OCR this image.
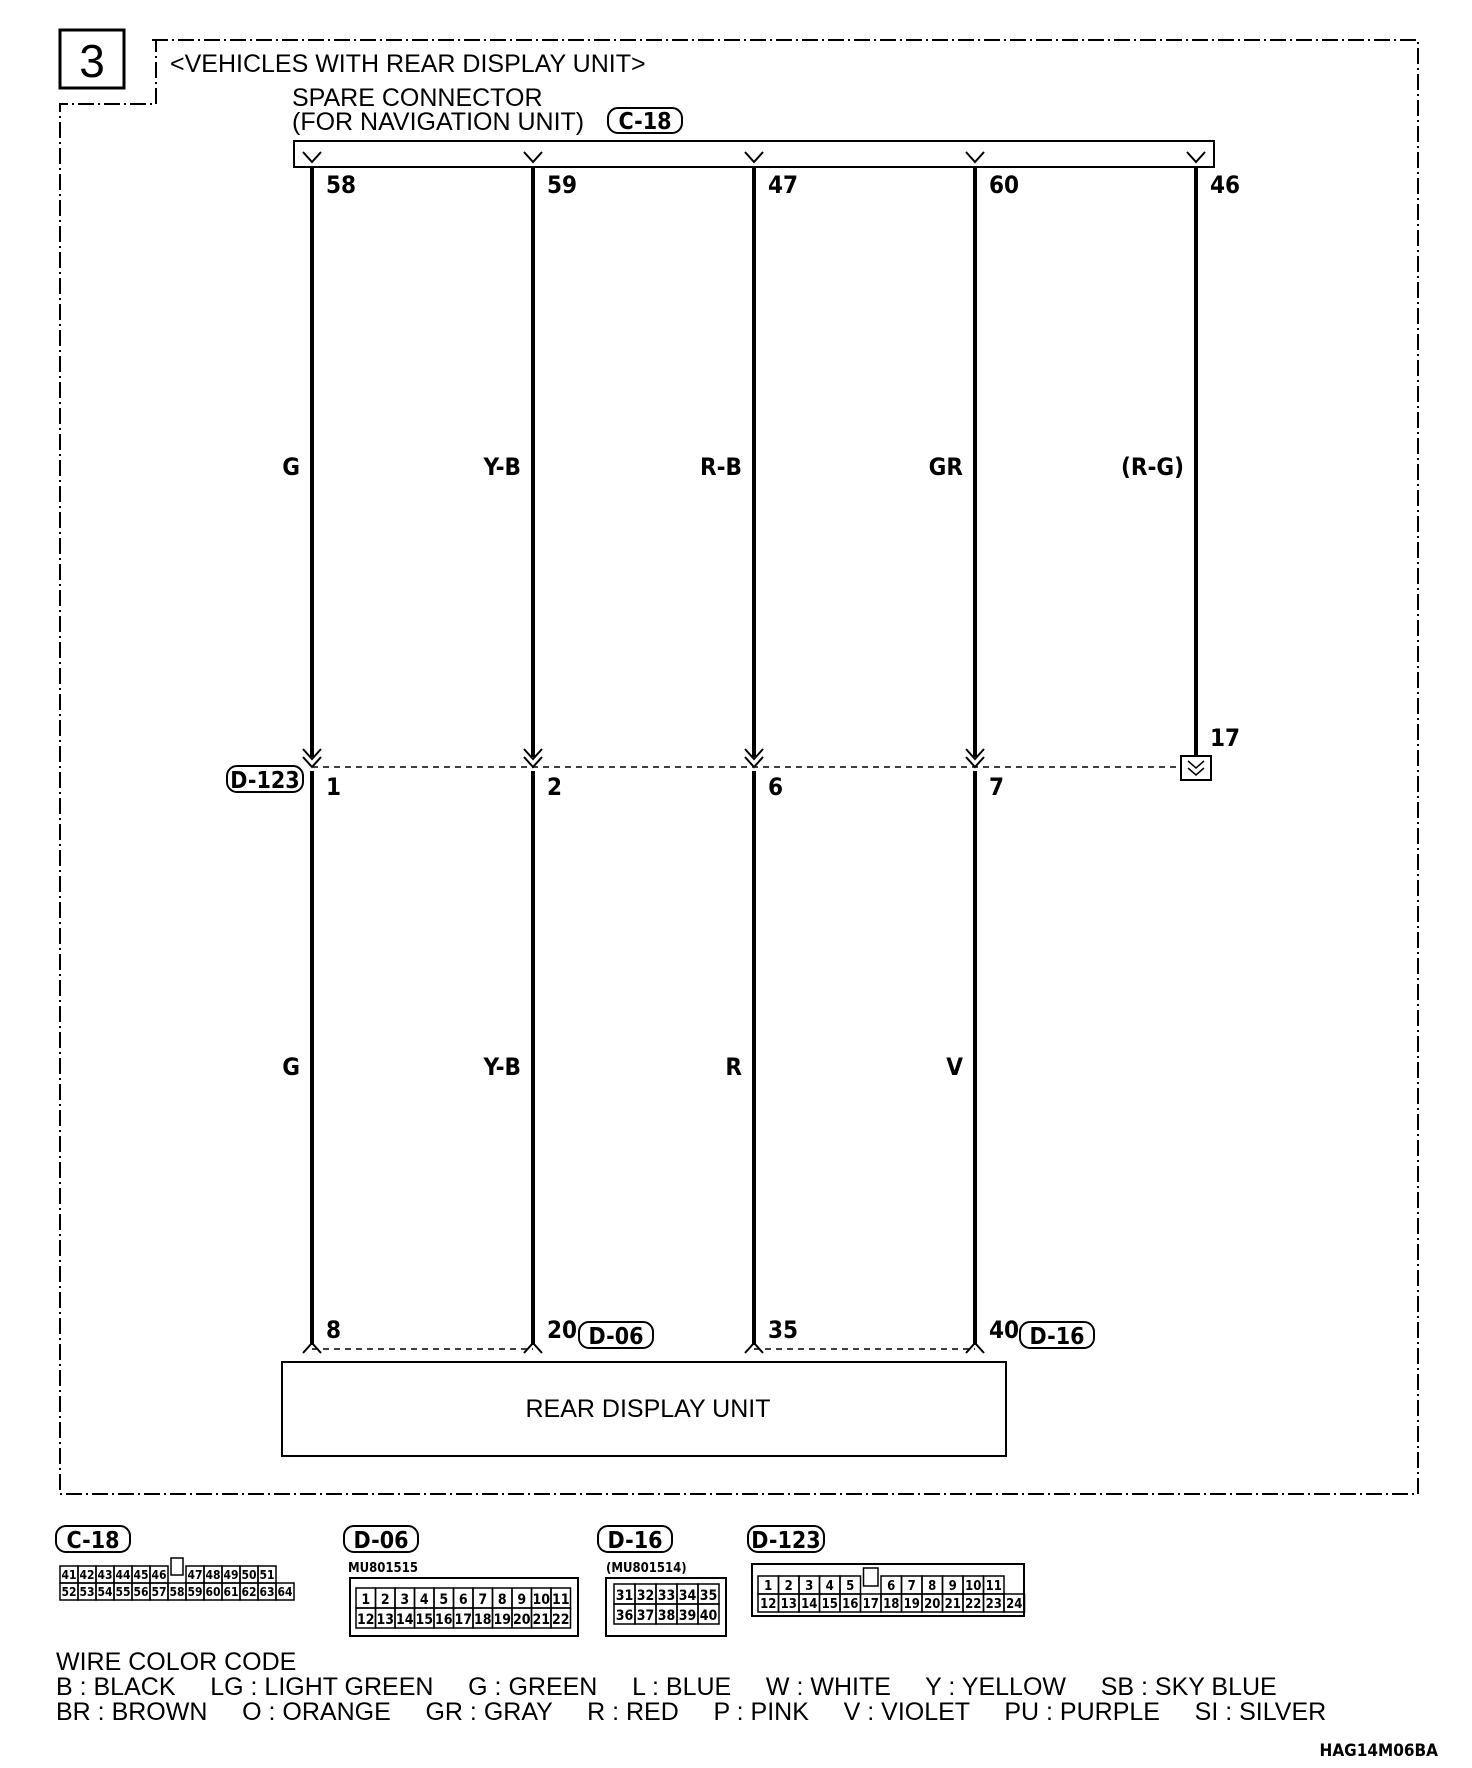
3	<VEHICLES WITH REAR DISPLAY UNIT>
SPARE CONNECTOR
(FOR NAVIGATION UNIT) C-18
58
G
1
G
8
59
Y-B
2
Y-B
20
47
R-B
6
R
35
60
GR
7
V
40
46
(R-G)
17
D-123
D-06	D-16
REAR DISPLAY UNIT
C-18
41 42 43 44 45 46 47 48 49 50 51
52 53 54 55 56 57 58 59 60 61 62 63 64
D-06
MU801515
1 2 3 4 5 6 7 8 9 10 11
12 13 14 15 16 17 18 19 20 21 22
D-16
(MU801514)
31 32 33 34 35
36 37 38 39 40
D-123
1 2 3 4 5	6 7 8 9 10 11
12 13 14 15 16 17 18 19 20 21 22 23 24
WIRE COLOR CODE
B : BLACK     LG : LIGHT GREEN     G : GREEN     L : BLUE     W : WHITE     Y : YELLOW     SB : SKY BLUE
BR : BROWN     O : ORANGE     GR : GRAY     R : RED     P : PINK     V : VIOLET     PU : PURPLE     SI : SILVER
HAG14M06BA
